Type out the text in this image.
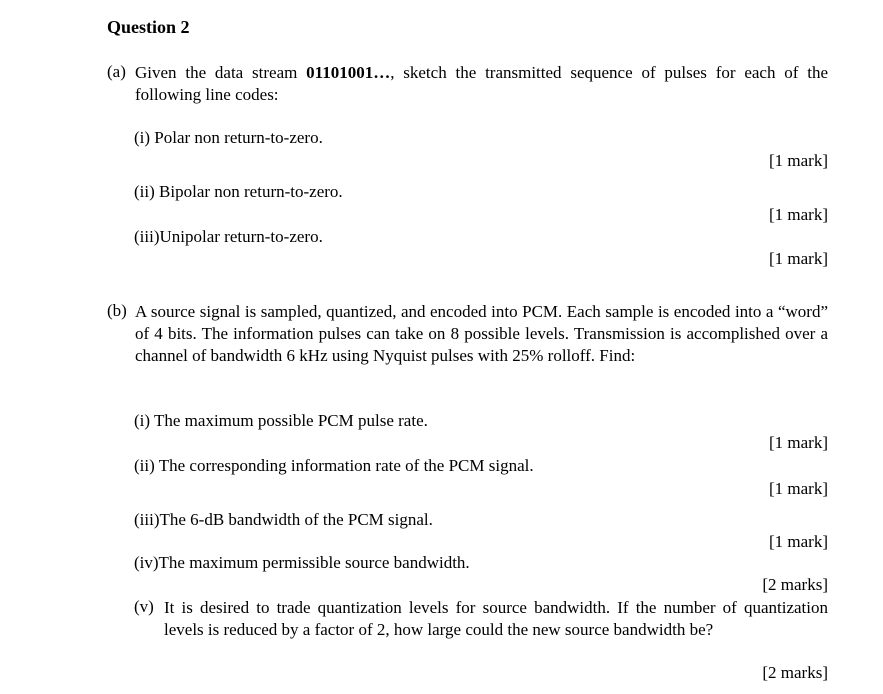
Question 2
(a) Given the data stream 01101001…, sketch the transmitted sequence of pulses for each of the following line codes:
(i) Polar non return-to-zero.
[1 mark]
(ii) Bipolar non return-to-zero.
[1 mark]
(iii)Unipolar return-to-zero.
[1 mark]
(b) A source signal is sampled, quantized, and encoded into PCM. Each sample is encoded into a “word” of 4 bits. The information pulses can take on 8 possible levels. Transmission is accomplished over a channel of bandwidth 6 kHz using Nyquist pulses with 25% rolloff. Find:
(i) The maximum possible PCM pulse rate.
[1 mark]
(ii) The corresponding information rate of the PCM signal.
[1 mark]
(iii)The 6-dB bandwidth of the PCM signal.
[1 mark]
(iv)The maximum permissible source bandwidth.
[2 marks]
(v) It is desired to trade quantization levels for source bandwidth. If the number of quantization levels is reduced by a factor of 2, how large could the new source bandwidth be?
[2 marks]
